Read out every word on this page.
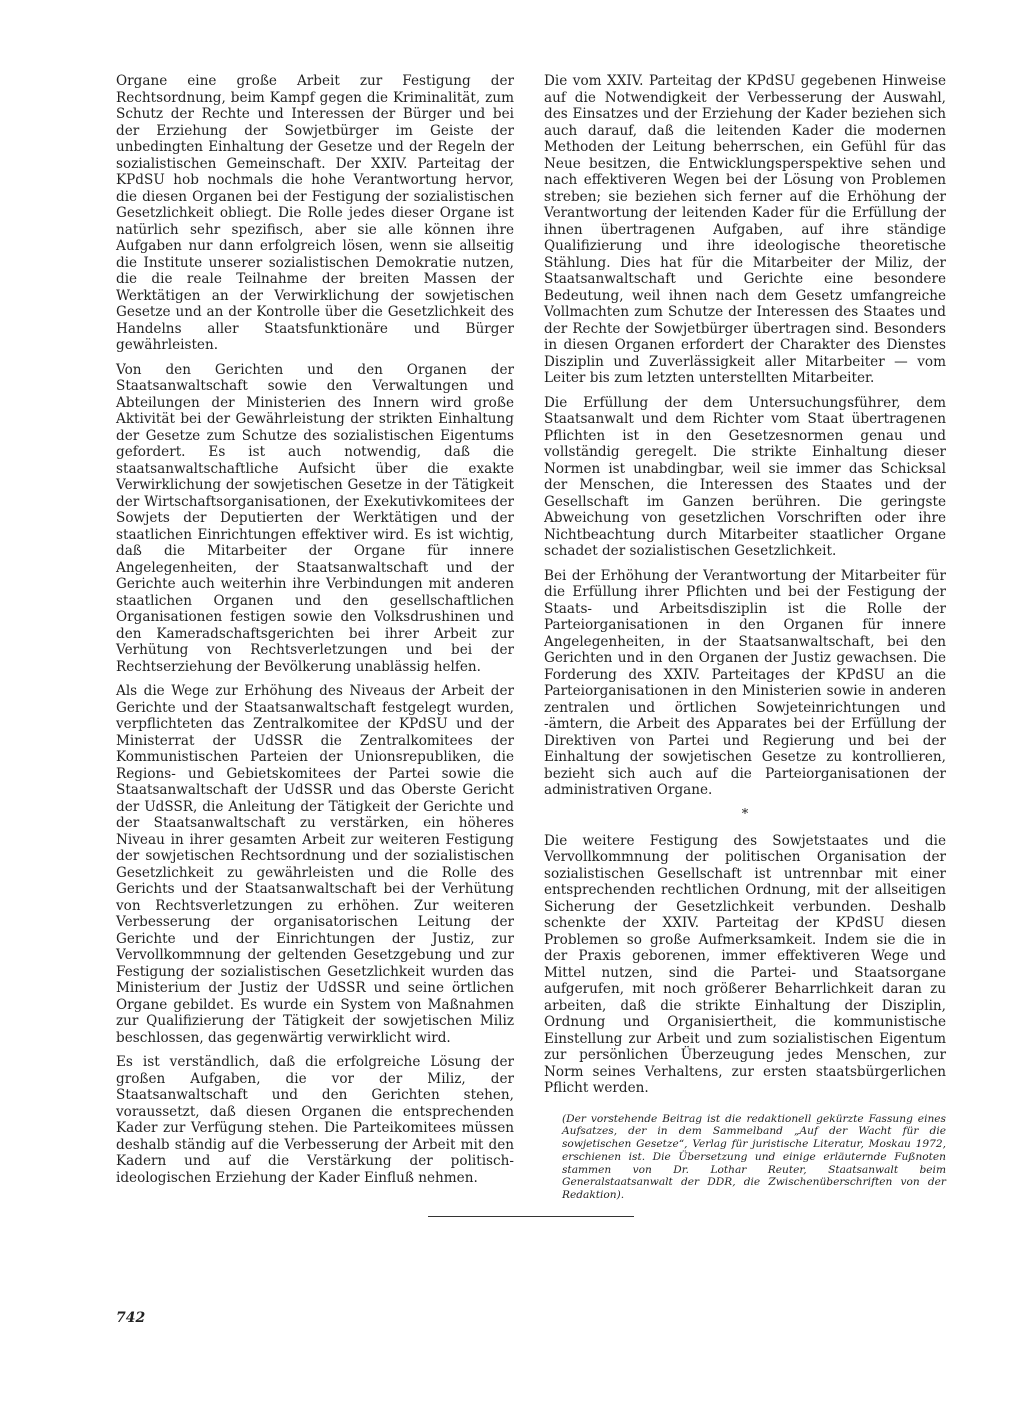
Organe eine große Arbeit zur Festigung der Rechtsordnung, beim Kampf gegen die Kriminalität, zum Schutz der Rechte und Interessen der Bürger und bei der Erziehung der Sowjetbürger im Geiste der unbedingten Einhaltung der Gesetze und der Regeln der sozialistischen Gemeinschaft. Der XXIV. Parteitag der KPdSU hob nochmals die hohe Verantwortung hervor, die diesen Organen bei der Festigung der sozialistischen Gesetzlichkeit obliegt. Die Rolle jedes dieser Organe ist natürlich sehr spezifisch, aber sie alle können ihre Aufgaben nur dann erfolgreich lösen, wenn sie allseitig die Institute unserer sozialistischen Demokratie nutzen, die die reale Teilnahme der breiten Massen der Werktätigen an der Verwirklichung der sowjetischen Gesetze und an der Kontrolle über die Gesetzlichkeit des Handelns aller Staatsfunktionäre und Bürger gewährleisten.

Von den Gerichten und den Organen der Staatsanwaltschaft sowie den Verwaltungen und Abteilungen der Ministerien des Innern wird große Aktivität bei der Gewährleistung der strikten Einhaltung der Gesetze zum Schutze des sozialistischen Eigentums gefordert. Es ist auch notwendig, daß die staatsanwaltschaftliche Aufsicht über die exakte Verwirklichung der sowjetischen Gesetze in der Tätigkeit der Wirtschaftsorganisationen, der Exekutivkomitees der Sowjets der Deputierten der Werktätigen und der staatlichen Einrichtungen effektiver wird. Es ist wichtig, daß die Mitarbeiter der Organe für innere Angelegenheiten, der Staatsanwaltschaft und der Gerichte auch weiterhin ihre Verbindungen mit anderen staatlichen Organen und den gesellschaftlichen Organisationen festigen sowie den Volksdrushinen und den Kameradschaftsgerichten bei ihrer Arbeit zur Verhütung von Rechtsverletzungen und bei der Rechtserziehung der Bevölkerung unablässig helfen.

Als die Wege zur Erhöhung des Niveaus der Arbeit der Gerichte und der Staatsanwaltschaft festgelegt wurden, verpflichteten das Zentralkomitee der KPdSU und der Ministerrat der UdSSR die Zentralkomitees der Kommunistischen Parteien der Unionsrepubliken, die Regions- und Gebietskomitees der Partei sowie die Staatsanwaltschaft der UdSSR und das Oberste Gericht der UdSSR, die Anleitung der Tätigkeit der Gerichte und der Staatsanwaltschaft zu verstärken, ein höheres Niveau in ihrer gesamten Arbeit zur weiteren Festigung der sowjetischen Rechtsordnung und der sozialistischen Gesetzlichkeit zu gewährleisten und die Rolle des Gerichts und der Staatsanwaltschaft bei der Verhütung von Rechtsverletzungen zu erhöhen. Zur weiteren Verbesserung der organisatorischen Leitung der Gerichte und der Einrichtungen der Justiz, zur Vervollkommnung der geltenden Gesetzgebung und zur Festigung der sozialistischen Gesetzlichkeit wurden das Ministerium der Justiz der UdSSR und seine örtlichen Organe gebildet. Es wurde ein System von Maßnahmen zur Qualifizierung der Tätigkeit der sowjetischen Miliz beschlossen, das gegenwärtig verwirklicht wird.

Es ist verständlich, daß die erfolgreiche Lösung der großen Aufgaben, die vor der Miliz, der Staatsanwaltschaft und den Gerichten stehen, voraussetzt, daß diesen Organen die entsprechenden Kader zur Verfügung stehen. Die Parteikomitees müssen deshalb ständig auf die Verbesserung der Arbeit mit den Kadern und auf die Verstärkung der politisch-ideologischen Erziehung der Kader Einfluß nehmen.

Die vom XXIV. Parteitag der KPdSU gegebenen Hinweise auf die Notwendigkeit der Verbesserung der Auswahl, des Einsatzes und der Erziehung der Kader beziehen sich auch darauf, daß die leitenden Kader die modernen Methoden der Leitung beherrschen, ein Gefühl für das Neue besitzen, die Entwicklungsperspektive sehen und nach effektiveren Wegen bei der Lösung von Problemen streben; sie beziehen sich ferner auf die Erhöhung der Verantwortung der leitenden Kader für die Erfüllung der ihnen übertragenen Aufgaben, auf ihre ständige Qualifizierung und ihre ideologische theoretische Stählung. Dies hat für die Mitarbeiter der Miliz, der Staatsanwaltschaft und Gerichte eine besondere Bedeutung, weil ihnen nach dem Gesetz umfangreiche Vollmachten zum Schutze der Interessen des Staates und der Rechte der Sowjetbürger übertragen sind. Besonders in diesen Organen erfordert der Charakter des Dienstes Disziplin und Zuverlässigkeit aller Mitarbeiter — vom Leiter bis zum letzten unterstellten Mitarbeiter.

Die Erfüllung der dem Untersuchungsführer, dem Staatsanwalt und dem Richter vom Staat übertragenen Pflichten ist in den Gesetzesnormen genau und vollständig geregelt. Die strikte Einhaltung dieser Normen ist unabdingbar, weil sie immer das Schicksal der Menschen, die Interessen des Staates und der Gesellschaft im Ganzen berühren. Die geringste Abweichung von gesetzlichen Vorschriften oder ihre Nichtbeachtung durch Mitarbeiter staatlicher Organe schadet der sozialistischen Gesetzlichkeit.

Bei der Erhöhung der Verantwortung der Mitarbeiter für die Erfüllung ihrer Pflichten und bei der Festigung der Staats- und Arbeitsdisziplin ist die Rolle der Parteiorganisationen in den Organen für innere Angelegenheiten, in der Staatsanwaltschaft, bei den Gerichten und in den Organen der Justiz gewachsen. Die Forderung des XXIV. Parteitages der KPdSU an die Parteiorganisationen in den Ministerien sowie in anderen zentralen und örtlichen Sowjeteinrichtungen und -ämtern, die Arbeit des Apparates bei der Erfüllung der Direktiven von Partei und Regierung und bei der Einhaltung der sowjetischen Gesetze zu kontrollieren, bezieht sich auch auf die Parteiorganisationen der administrativen Organe.

*

Die weitere Festigung des Sowjetstaates und die Vervollkommnung der politischen Organisation der sozialistischen Gesellschaft ist untrennbar mit einer entsprechenden rechtlichen Ordnung, mit der allseitigen Sicherung der Gesetzlichkeit verbunden. Deshalb schenkte der XXIV. Parteitag der KPdSU diesen Problemen so große Aufmerksamkeit. Indem sie die in der Praxis geborenen, immer effektiveren Wege und Mittel nutzen, sind die Partei- und Staatsorgane aufgerufen, mit noch größerer Beharrlichkeit daran zu arbeiten, daß die strikte Einhaltung der Disziplin, Ordnung und Organisiertheit, die kommunistische Einstellung zur Arbeit und zum sozialistischen Eigentum zur persönlichen Überzeugung jedes Menschen, zur Norm seines Verhaltens, zur ersten staatsbürgerlichen Pflicht werden.

(Der vorstehende Beitrag ist die redaktionell gekürzte Fassung eines Aufsatzes, der in dem Sammelband „Auf der Wacht für die sowjetischen Gesetze“, Verlag für juristische Literatur, Moskau 1972, erschienen ist. Die Übersetzung und einige erläuternde Fußnoten stammen von Dr. Lothar Reuter, Staatsanwalt beim Generalstaatsanwalt der DDR, die Zwischenüberschriften von der Redaktion).
742
